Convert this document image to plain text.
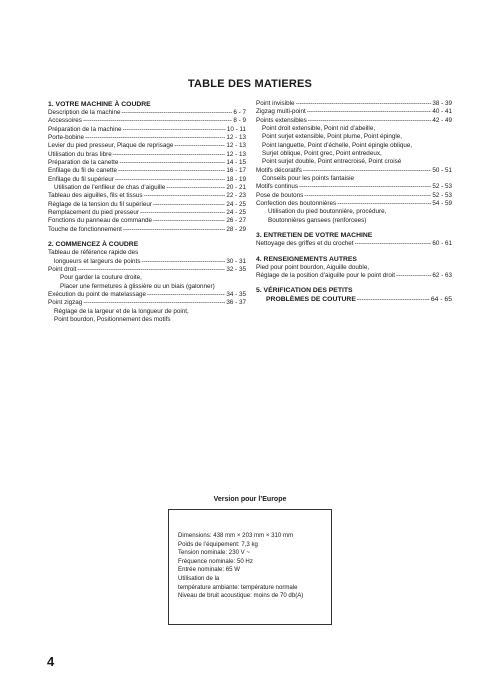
TABLE DES MATIERES
1. VOTRE MACHINE À COUDRE
Description de la machine -----	6 - 7
Accessoires -----	8 - 9
Préparation de la machine -----	10 - 11
Porte-bobine -----	12 - 13
Levier du pied presseur, Plaque de reprisage -----	12 - 13
Utilisation du bras libre -----	12 - 13
Préparation de la canette -----	14 - 15
Enfilage du fil de canette -----	16 - 17
Enfilage du fil supérieur -----	18 - 19
Utilisation de l’enfileur de chas d’aiguille -----	20 - 21
Tableau des aiguilles, fils et tissus -----	22 - 23
Réglage de la tension du fil supérieur -----	24 - 25
Remplacement du pied presseur -----	24 - 25
Fonctions du panneau de commande -----	26 - 27
Touche de fonctionnement -----	28 - 29
2. COMMENCEZ À COUDRE
Tableau de référence rapide des
longueurs et largeurs de points -----	30 - 31
Point droit -----	32 - 35
Pour garder la couture droite,
Placer une fermetures à glissière ou un biais (galonner)
Exécution du point de matelassage -----	34 - 35
Point zigzag -----	36 - 37
Réglage de la largeur et de la longueur de point,
Point bourdon, Positionnement des motifs
Point invisible -----	38 - 39
Zigzag multi-point -----	40 - 41
Points extensibles -----	42 - 49
Point droit extensible, Point nid d’abeille,
Point surjet extensible, Point plume, Point épingle,
Point languette, Point d’échelle, Point épingle oblique,
Surjet oblique, Point grec, Point entredeux,
Point surjet double, Point entrecroisé, Point croisé
Motifs décoratifs -----	50 - 51
Conseils pour les points fantaisie
Motifs continus -----	52 - 53
Pose de boutons -----	52 - 53
Confection des boutonnières -----	54 - 59
Utilisation du pied boutonnière, procédure,
Boutonnières gansees (renforcees)
3. ENTRETIEN DE VOTRE MACHINE
Nettoyage des griffes et du crochet -----	60 - 61
4. RENSEIGNEMENTS AUTRES
Pied pour point bourdon, Aiguille double,
Réglage de la position d’aiguille pour le point droit -----	62 - 63
5. VÉRIFICATION DES PETITS
PROBLÈMES DE COUTURE -----	64 - 65
Version pour l’Europe
Dimensions: 438 mm × 203 mm × 310 mm
Poids de l’équipement: 7,3 kg
Tension nominale: 230 V ~
Fréquence nominale: 50 Hz
Entrée nominale: 65 W
Utilisation de la
température ambiante: température normale
Niveau de bruit acoustique: moins de 70 db(A)
4
